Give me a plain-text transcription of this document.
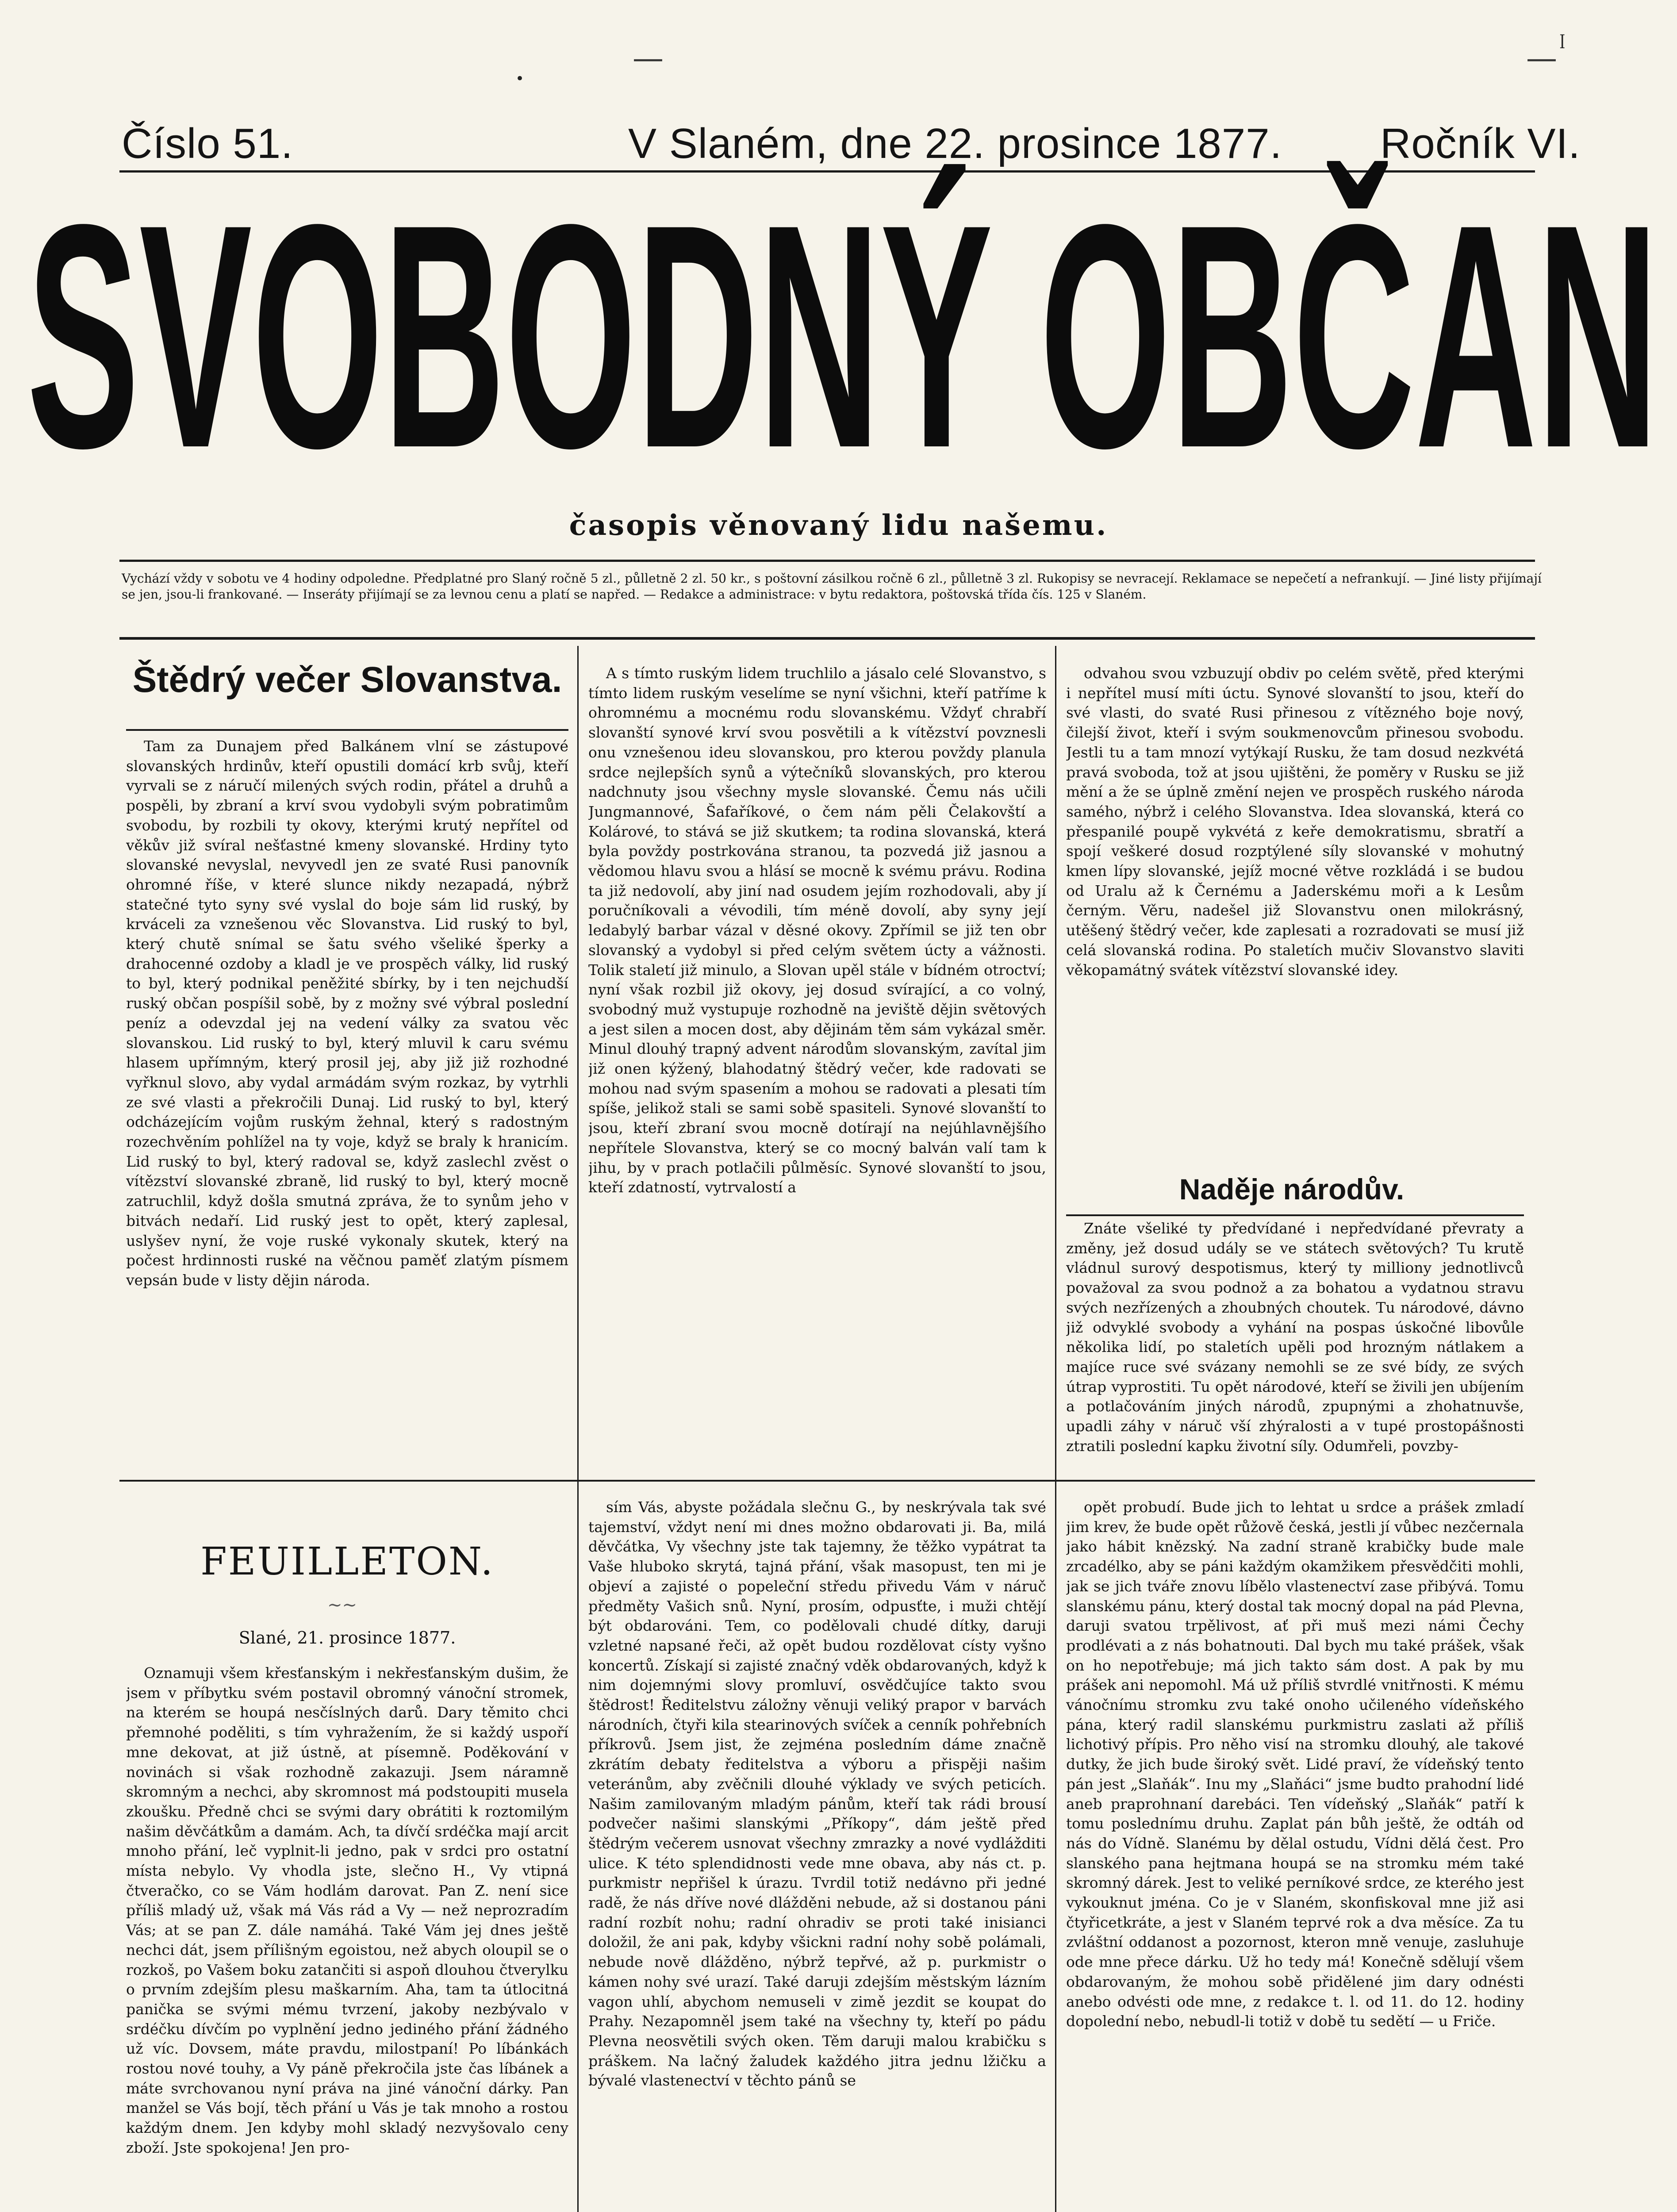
—	—
•
ꟾ
Číslo 51.	V Slaném, dne 22. prosince 1877. Ročník VI.
SVOBODNÝ OBČAN
časopis věnovaný lidu našemu.
Vychází vždy v sobotu ve 4 hodiny odpoledne. Předplatné pro Slaný ročně 5 zl., půlletně 2 zl. 50 kr., s poštovní zásilkou ročně 6 zl., půlletně 3 zl. Rukopisy se nevracejí. Reklamace se nepečetí a nefrankují. — Jiné listy přijímají se jen, jsou-li frankované. — Inseráty přijímají se za levnou cenu a platí se napřed. — Redakce a administrace: v bytu redaktora, poštovská třída čís. 125 v Slaném.
Štědrý večer Slovanstva.

Tam za Dunajem před Balkánem vlní se zástupové slovanských hrdinův, kteří opustili domácí krb svůj, kteří vyrvali se z náručí milených svých rodin, přátel a druhů a pospěli, by zbraní a krví svou vydobyli svým pobratimům svobodu, by rozbili ty okovy, kterými krutý nepřítel od věkův již svíral nešťastné kmeny slovanské. Hrdiny tyto slovanské nevyslal, nevyvedl jen ze svaté Rusi panovník ohromné říše, v které slunce nikdy nezapadá, nýbrž statečné tyto syny své vyslal do boje sám lid ruský, by krváceli za vznešenou věc Slovanstva. Lid ruský to byl, který chutě snímal se šatu svého všeliké šperky a drahocenné ozdoby a kladl je ve prospěch války, lid ruský to byl, který podnikal peněžité sbírky, by i ten nejchudší ruský občan pospíšil sobě, by z možny své výbral poslední peníz a odevzdal jej na vedení války za svatou věc slovanskou. Lid ruský to byl, který mluvil k caru svému hlasem upřímným, který prosil jej, aby již již rozhodné vyřknul slovo, aby vydal armádám svým rozkaz, by vytrhli ze své vlasti a překročili Dunaj. Lid ruský to byl, který odcházejícím vojům ruským žehnal, který s radostným rozechvěním pohlížel na ty voje, když se braly k hranicím. Lid ruský to byl, který radoval se, když zaslechl zvěst o vítězství slovanské zbraně, lid ruský to byl, který mocně zatruchlil, když došla smutná zpráva, že to synům jeho v bitvách nedaří. Lid ruský jest to opět, který zaplesal, uslyšev nyní, že voje ruské vykonaly skutek, který na počest hrdinnosti ruské na věčnou paměť zlatým písmem vepsán bude v listy dějin národa.

A s tímto ruským lidem truchlilo a jásalo celé Slovanstvo, s tímto lidem ruským veselíme se nyní všichni, kteří patříme k ohromnému a mocnému rodu slovanskému. Vždyť chrabří slovanští synové krví svou posvětili a k vítězství povznesli onu vznešenou ideu slovanskou, pro kterou povždy planula srdce nejlepších synů a výtečníků slovanských, pro kterou nadchnuty jsou všechny mysle slovanské. Čemu nás učili Jungmannové, Šafaříkové, o čem nám pěli Čelakovští a Kolárové, to stává se již skutkem; ta rodina slovanská, která byla povždy postrkována stranou, ta pozvedá již jasnou a vědomou hlavu svou a hlásí se mocně k svému právu. Rodina ta již nedovolí, aby jiní nad osudem jejím rozhodovali, aby jí poručníkovali a vévodili, tím méně dovolí, aby syny její ledabylý barbar vázal v děsné okovy. Zpřímil se již ten obr slovanský a vydobyl si před celým světem úcty a vážnosti. Tolik staletí již minulo, a Slovan upěl stále v bídném otroctví; nyní však rozbil již okovy, jej dosud svírající, a co volný, svobodný muž vystupuje rozhodně na jeviště dějin světových a jest silen a mocen dost, aby dějinám těm sám vykázal směr. Minul dlouhý trapný advent národům slovanským, zavítal jim již onen kýžený, blahodatný štědrý večer, kde radovati se mohou nad svým spasením a mohou se radovati a plesati tím spíše, jelikož stali se sami sobě spasiteli. Synové slovanští to jsou, kteří zbraní svou mocně dotírají na nejúhlavnějšího nepřítele Slovanstva, který se co mocný balván valí tam k jihu, by v prach potlačili půlměsíc. Synové slovanští to jsou, kteří zdatností, vytrvalostí a

odvahou svou vzbuzují obdiv po celém světě, před kterými i nepřítel musí míti úctu. Synové slovanští to jsou, kteří do své vlasti, do svaté Rusi přinesou z vítězného boje nový, čilejší život, kteří i svým soukmenovcům přinesou svobodu. Jestli tu a tam mnozí vytýkají Rusku, že tam dosud nezkvétá pravá svoboda, tož at jsou ujištěni, že poměry v Rusku se již mění a že se úplně změní nejen ve prospěch ruského národa samého, nýbrž i celého Slovanstva. Idea slovanská, která co přespanilé poupě vykvétá z keře demokratismu, sbratří a spojí veškeré dosud rozptýlené síly slovanské v mohutný kmen lípy slovanské, jejíž mocné větve rozkládá i se budou od Uralu až k Černému a Jaderskému moři a k Lesům černým. Věru, nadešel již Slovanstvu onen milokrásný, utěšený štědrý večer, kde zaplesati a rozradovati se musí již celá slovanská rodina. Po staletích mučiv Slovanstvo slaviti věkopamátný svátek vítězství slovanské idey.

Naděje národův.

Znáte všeliké ty předvídané i nepředvídané převraty a změny, jež dosud udály se ve státech světových? Tu krutě vládnul surový despotismus, který ty milliony jednotlivců považoval za svou podnož a za bohatou a vydatnou stravu svých nezřízených a zhoubných choutek. Tu národové, dávno již odvyklé svobody a vyhání na pospas úskočné libovůle několika lidí, po staletích upěli pod hrozným nátlakem a majíce ruce své svázany nemohli se ze své bídy, ze svých útrap vyprostiti. Tu opět národové, kteří se živili jen ubíjením a potlačováním jiných národů, zpupnými a zhohatnuvše, upadli záhy v náruč vší zhýralosti a v tupé prostopášnosti ztratili poslední kapku životní síly. Odumřeli, povzby-

FEUILLETON.
∼∼
Slané, 21. prosince 1877.

Oznamuji všem křesťanským i nekřesťanským dušim, že jsem v příbytku svém postavil obromný vánoční stromek, na kterém se houpá nesčíslných darů. Dary těmito chci přemnohé poděliti, s tím vyhražením, že si každý uspoří mne dekovat, at již ústně, at písemně. Poděkování v novinách si však rozhodně zakazuji. Jsem náramně skromným a nechci, aby skromnost má podstoupiti musela zkoušku. Předně chci se svými dary obrátiti k roztomilým našim děvčátkům a damám. Ach, ta dívčí srdéčka mají arcit mnoho přání, leč vyplnit-li jedno, pak v srdci pro ostatní místa nebylo. Vy vhodla jste, slečno H., Vy vtipná čtveračko, co se Vám hodlám darovat. Pan Z. není sice příliš mladý už, však má Vás rád a Vy — než neprozradím Vás; at se pan Z. dále namáhá. Také Vám jej dnes ještě nechci dát, jsem přílišným egoistou, než abych oloupil se o rozkoš, po Vašem boku zatančiti si aspoň dlouhou čtverylku o prvním zdejším plesu maškarním. Aha, tam ta útlocitná panička se svými mému tvrzení, jakoby nezbývalo v srdéčku dívčím po vyplnění jedno jediného přání žádného už víc. Dovsem, máte pravdu, milostpaní! Po líbánkách rostou nové touhy, a Vy páně překročila jste čas líbánek a máte svrchovanou nyní práva na jiné vánoční dárky. Pan manžel se Vás bojí, těch přání u Vás je tak mnoho a rostou každým dnem. Jen kdyby mohl skladý nezvyšovalo ceny zboží. Jste spokojena! Jen pro-

sím Vás, abyste požádala slečnu G., by neskrývala tak své tajemství, vždyt není mi dnes možno obdarovati ji. Ba, milá děvčátka, Vy všechny jste tak tajemny, že těžko vypátrat ta Vaše hluboko skrytá, tajná přání, však masopust, ten mi je objeví a zajisté o popeleční středu přivedu Vám v náruč předměty Vašich snů. Nyní, prosím, odpusťte, i muži chtějí být obdarováni. Tem, co podělovali chudé dítky, daruji vzletné napsané řeči, až opět budou rozdělovat císty vyšno koncertů. Získají si zajisté značný vděk obdarovaných, když k nim dojemnými slovy promluví, osvědčujíce takto svou štědrost! Ředitelstvu záložny věnuji veliký prapor v barvách národních, čtyři kila stearinových svíček a cenník pohřebních příkrovů. Jsem jist, že zejména posledním dáme značně zkrátím debaty ředitelstva a výboru a přispěji našim veteránům, aby zvěčnili dlouhé výklady ve svých peticích. Našim zamilovaným mladým pánům, kteří tak rádi brousí podvečer našimi slanskými „Příkopy“, dám ještě před štědrým večerem usnovat všechny zmrazky a nové vydlážditi ulice. K této splendidnosti vede mne obava, aby nás ct. p. purkmistr nepřišel k úrazu. Tvrdil totiž nedávno při jedné radě, že nás dříve nové dlážděni nebude, až si dostanou páni radní rozbít nohu; radní ohradiv se proti také inisianci doložil, že ani pak, kdyby všickni radní nohy sobě polámali, nebude nově dlážděno, nýbrž tepřvé, až p. purkmistr o kámen nohy své urazí. Také daruji zdejším městským lázním vagon uhlí, abychom nemuseli v zimě jezdit se koupat do Prahy. Nezapomněl jsem také na všechny ty, kteří po pádu Plevna neosvětili svých oken. Těm daruji malou krabičku s práškem. Na lačný žaludek každého jitra jednu lžičku a bývalé vlastenectví v těchto pánů se

opět probudí. Bude jich to lehtat u srdce a prášek zmladí jim krev, že bude opět růžově česká, jestli jí vůbec nezčernala jako hábit knězský. Na zadní straně krabičky bude male zrcadélko, aby se páni každým okamžikem přesvědčiti mohli, jak se jich tváře znovu líbělo vlastenectví zase přibývá. Tomu slanskému pánu, který dostal tak mocný dopal na pád Plevna, daruji svatou trpělivost, ať při muš mezi námi Čechy prodlévati a z nás bohatnouti. Dal bych mu také prášek, však on ho nepotřebuje; má jich takto sám dost. A pak by mu prášek ani nepomohl. Má už příliš stvrdlé vnitřnosti. K mému vánočnímu stromku zvu také onoho učileného vídeňského pána, který radil slanskému purkmistru zaslati až příliš lichotivý přípis. Pro něho visí na stromku dlouhý, ale takové dutky, že jich bude široký svět. Lidé praví, že vídeňský tento pán jest „Slaňák“. Inu my „Slaňáci“ jsme budto prahodní lidé aneb praprohnaní darebáci. Ten vídeňský „Slaňák“ patří k tomu poslednímu druhu. Zaplat pán bůh ještě, že odtáh od nás do Vídně. Slanému by dělal ostudu, Vídni dělá čest. Pro slanského pana hejtmana houpá se na stromku mém také skromný dárek. Jest to veliké perníkové srdce, ze kterého jest vykouknut jména. Co je v Slaném, skonfiskoval mne již asi čtyřicetkráte, a jest v Slaném teprvé rok a dva měsíce. Za tu zvláštní oddanost a pozornost, kteron mně venuje, zasluhuje ode mne přece dárku. Už ho tedy má! Konečně sdělují všem obdarovaným, že mohou sobě přidělené jim dary odnésti anebo odvésti ode mne, z redakce t. l. od 11. do 12. hodiny dopolední nebo, nebudl-li totiž v době tu sedětí — u Friče.
